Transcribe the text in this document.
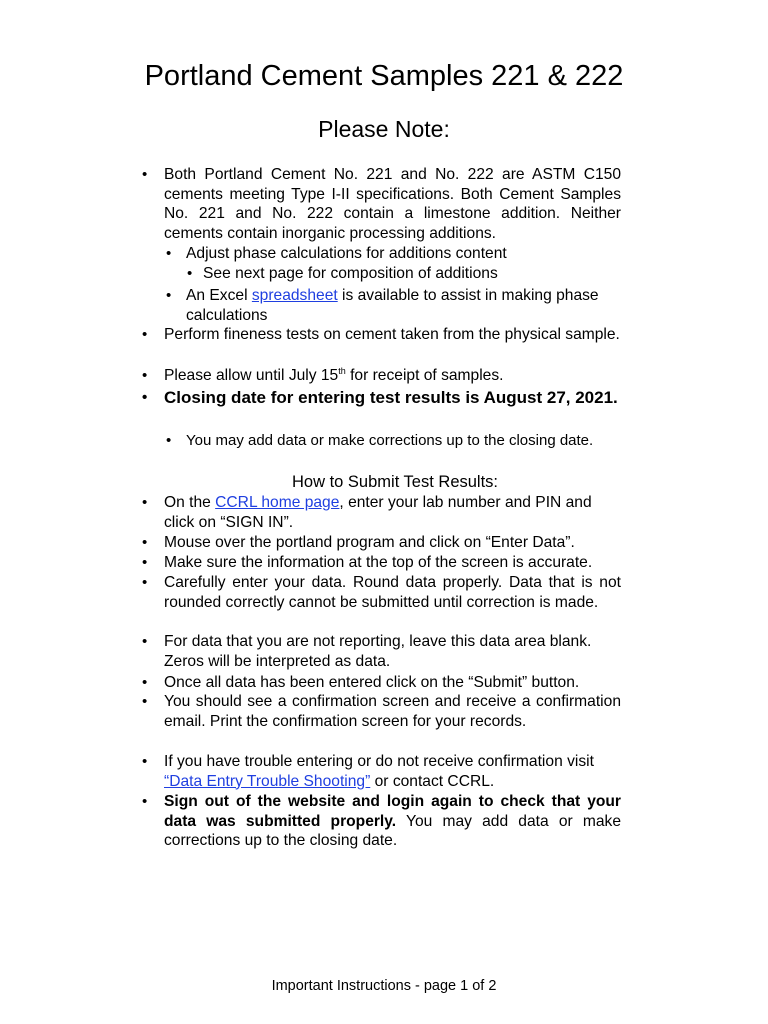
Portland Cement Samples 221 & 222
Please Note:
•	Both Portland Cement No. 221 and No. 222 are ASTM C150 cements meeting Type I-II specifications. Both Cement Samples No. 221 and No. 222 contain a limestone addition. Neither cements contain inorganic processing additions.
• Adjust phase calculations for additions content
• See next page for composition of additions
• An Excel spreadsheet is available to assist in making phase calculations
•	Perform fineness tests on cement taken from the physical sample.
•	Please allow until July 15th for receipt of samples.
• Closing date for entering test results is August 27, 2021.
• You may add data or make corrections up to the closing date.
How to Submit Test Results:
•	On the CCRL home page, enter your lab number and PIN and click on “SIGN IN”.
•	Mouse over the portland program and click on “Enter Data”.
•	Make sure the information at the top of the screen is accurate.
•	Carefully enter your data. Round data properly. Data that is not rounded correctly cannot be submitted until correction is made.
•	For data that you are not reporting, leave this data area blank. Zeros will be interpreted as data.
•	Once all data has been entered click on the “Submit” button.
•	You should see a confirmation screen and receive a confirmation email. Print the confirmation screen for your records.
•	If you have trouble entering or do not receive confirmation visit “Data Entry Trouble Shooting” or contact CCRL.
•	Sign out of the website and login again to check that your data was submitted properly. You may add data or make corrections up to the closing date.
Important Instructions - page 1 of 2
